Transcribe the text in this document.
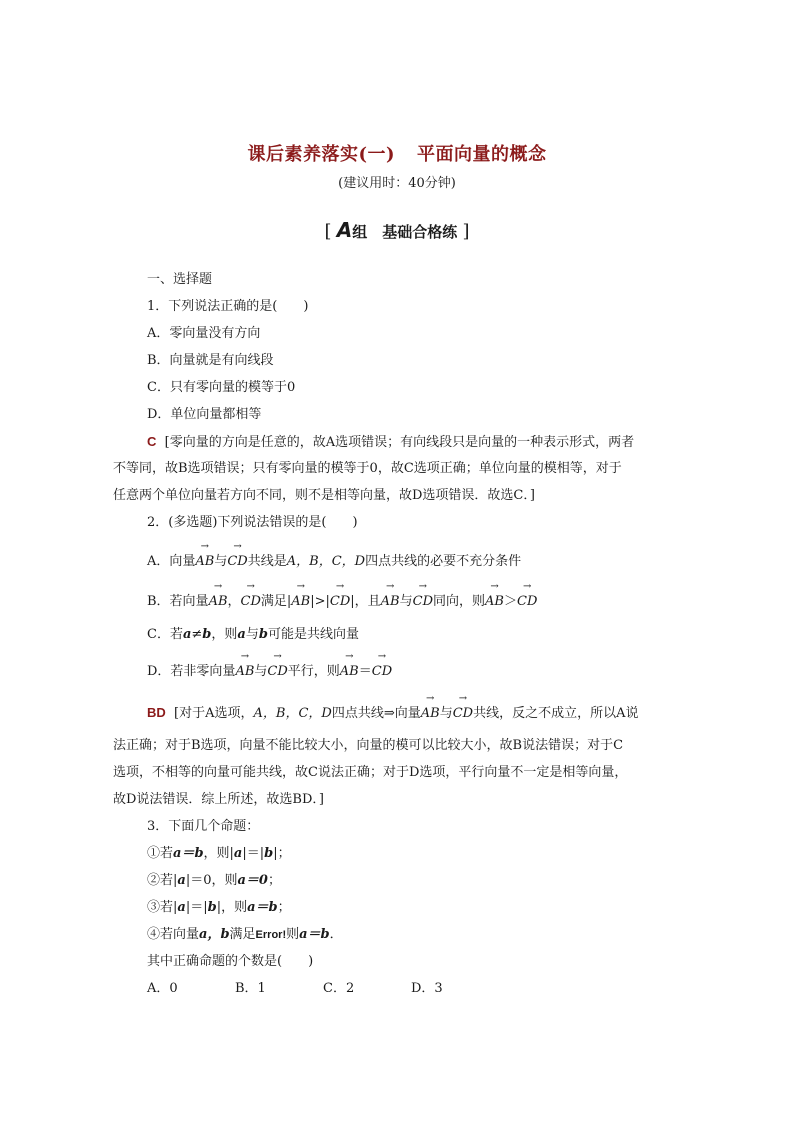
课后素养落实(一) 平面向量的概念
(建议用时：40分钟)
[ A组　基础合格练 ]
一、选择题
1．下列说法正确的是(　　)
A．零向量没有方向
B．向量就是有向线段
C．只有零向量的模等于0
D．单位向量都相等
C [零向量的方向是任意的，故A选项错误；有向线段只是向量的一种表示形式，两者
不等同，故B选项错误；只有零向量的模等于0，故C选项正确；单位向量的模相等，对于
任意两个单位向量若方向不同，则不是相等向量，故D选项错误．故选C．]
2．(多选题)下列说法错误的是(　　)
A．向量→ AB与→ CD共线是A，B，C，D四点共线的必要不充分条件
B．若向量→ AB，→ CD满足|→ AB|>|→ CD|，且→ AB与→ CD同向，则→ AB＞→ CD
C．若a≠b，则a与b可能是共线向量
D．若非零向量→ AB与→ CD平行，则→ AB＝→ CD
BD [对于A选项，A，B，C，D四点共线⇒向量→ AB与→ CD共线，反之不成立，所以A说
法正确；对于B选项，向量不能比较大小，向量的模可以比较大小，故B说法错误；对于C
选项，不相等的向量可能共线，故C说法正确；对于D选项，平行向量不一定是相等向量，
故D说法错误．综上所述，故选BD．]
3．下面几个命题：
①若a＝b，则|a|＝|b|；
②若|a|＝0，则a＝0；
③若|a|＝|b|，则a＝b；
④若向量a，b满足Error!则a＝b．
其中正确命题的个数是(　　)
A．0	B．1	C．2	D．3
